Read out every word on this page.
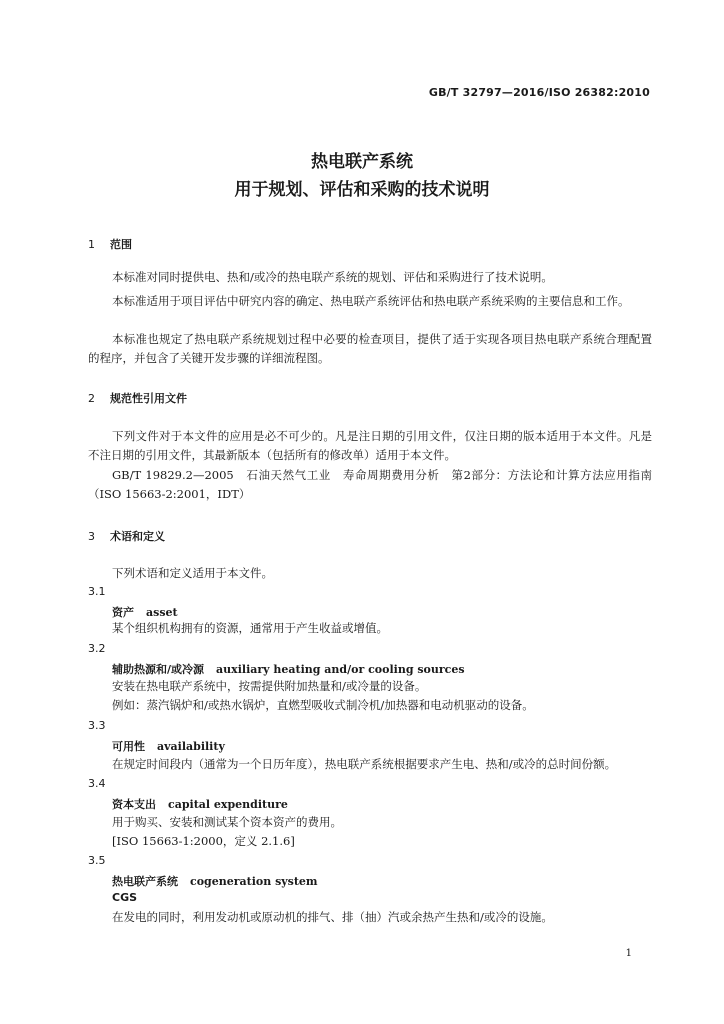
GB/T 32797—2016/ISO 26382:2010
热电联产系统
用于规划、评估和采购的技术说明
1 范围
本标准对同时提供电、热和/或冷的热电联产系统的规划、评估和采购进行了技术说明。
本标准适用于项目评估中研究内容的确定、热电联产系统评估和热电联产系统采购的主要信息和工作。
本标准也规定了热电联产系统规划过程中必要的检查项目，提供了适于实现各项目热电联产系统合理配置的程序，并包含了关键开发步骤的详细流程图。
2 规范性引用文件
下列文件对于本文件的应用是必不可少的。凡是注日期的引用文件，仅注日期的版本适用于本文件。凡是不注日期的引用文件，其最新版本（包括所有的修改单）适用于本文件。
GB/T 19829.2—2005　石油天然气工业　寿命周期费用分析　第2部分：方法论和计算方法应用指南（ISO 15663-2:2001，IDT）
3 术语和定义
下列术语和定义适用于本文件。
3.1
资产 asset
某个组织机构拥有的资源，通常用于产生收益或增值。
3.2
辅助热源和/或冷源 auxiliary heating and/or cooling sources
安装在热电联产系统中，按需提供附加热量和/或冷量的设备。
例如：蒸汽锅炉和/或热水锅炉，直燃型吸收式制冷机/加热器和电动机驱动的设备。
3.3
可用性 availability
在规定时间段内（通常为一个日历年度），热电联产系统根据要求产生电、热和/或冷的总时间份额。
3.4
资本支出 capital expenditure
用于购买、安装和测试某个资本资产的费用。
[ISO 15663-1:2000，定义 2.1.6]
3.5
热电联产系统 cogeneration system
CGS
在发电的同时，利用发动机或原动机的排气、排（抽）汽或余热产生热和/或冷的设施。
1
